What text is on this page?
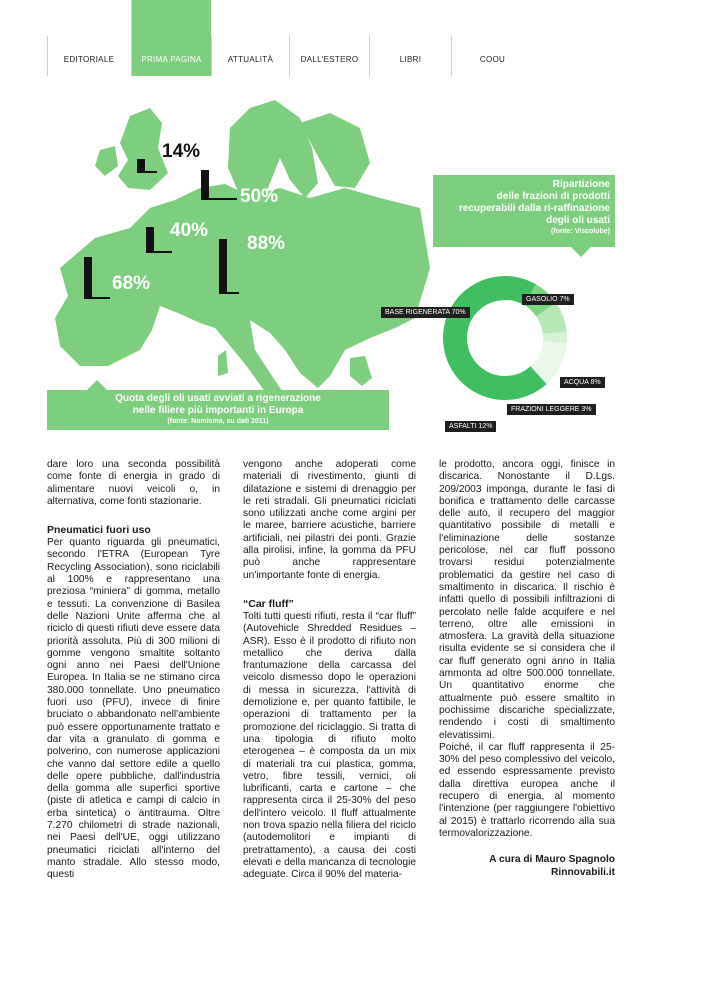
EDITORIALE	PRIMA PAGINA	ATTUALITÀ	DALL'ESTERO	LIBRI	COOU
14%
50%
40%
88%
68%
Quota degli oli usati avviati a rigenerazione
nelle filiere più importanti in Europa
(fonte: Nomisma, su dati 2011)
Ripartizione
delle frazioni di prodotti
recuperabili dalla ri-raffinazione
degli oli usati
(fonte: Viscolube)
BASE RIGENERATA 70%
GASOLIO 7%
ACQUA 8%
FRAZIONI LEGGERE 3%
ASFALTI 12%

dare loro una seconda possibilità come fonte di energia in grado di alimentare nuovi veicoli o, in alternativa, come fonti stazionarie.

Pneumatici fuori uso

Per quanto riguarda gli pneumatici, secondo l'ETRA (European Tyre Recycling Association), sono riciclabili al 100% e rappresentano una preziosa “miniera” di gomma, metallo e tessuti. La convenzione di Basilea delle Nazioni Unite afferma che al riciclo di questi rifiuti deve essere data priorità assoluta. Più di 300 milioni di gomme vengono smaltite soltanto ogni anno nei Paesi dell'Unione Europea. In Italia se ne stimano circa 380.000 tonnellate. Uno pneumatico fuori uso (PFU), invece di finire bruciato o abbandonato nell'ambiente può essere opportunamente trattato e dar vita a granulato di gomma e polverino, con numerose applicazioni che vanno dal settore edile a quello delle opere pubbliche, dall'industria della gomma alle superfici sportive (piste di atletica e campi di calcio in erba sintetica) o antitrauma. Oltre 7.270 chilometri di strade nazionali, nei Paesi dell'UE, oggi utilizzano pneumatici riciclati all'interno del manto stradale. Allo stesso modo, questi

vengono anche adoperati come materiali di rivestimento, giunti di dilatazione e sistemi di drenaggio per le reti stradali. Gli pneumatici riciclati sono utilizzati anche come argini per le maree, barriere acustiche, barriere artificiali, nei pilastri dei ponti. Grazie alla pirolisi, infine, la gomma da PFU può anche rappresentare un'importante fonte di energia.

“Car fluff”

Tolti tutti questi rifiuti, resta il “car fluff” (Autovehicle Shredded Residues – ASR). Esso è il prodotto di rifiuto non metallico che deriva dalla frantumazione della carcassa del veicolo dismesso dopo le operazioni di messa in sicurezza, l'attività di demolizione e, per quanto fattibile, le operazioni di trattamento per la promozione del riciclaggio. Si tratta di una tipologia di rifiuto molto eterogenea – è composta da un mix di materiali tra cui plastica, gomma, vetro, fibre tessili, vernici, oli lubrificanti, carta e cartone – che rappresenta circa il 25-30% del peso dell'intero veicolo. Il fluff attualmente non trova spazio nella filiera del riciclo (autodemolitori e impianti di pretrattamento), a causa dei costi elevati e della mancanza di tecnologie adeguate. Circa il 90% del materia-

le prodotto, ancora oggi, finisce in discarica. Nonostante il D.Lgs. 209/2003 imponga, durante le fasi di bonifica e trattamento delle carcasse delle auto, il recupero del maggior quantitativo possibile di metalli e l'eliminazione delle sostanze pericolose, nel car fluff possono trovarsi residui potenzialmente problematici da gestire nel caso di smaltimento in discarica. Il rischio è infatti quello di possibili infiltrazioni di percolato nelle falde acquifere e nel terreno, oltre alle emissioni in atmosfera. La gravità della situazione risulta evidente se si considera che il car fluff generato ogni anno in Italia ammonta ad oltre 500.000 tonnellate. Un quantitativo enorme che attualmente può essere smaltito in pochissime discariche specializzate, rendendo i costi di smaltimento elevatissimi.

Poiché, il car fluff rappresenta il 25-30% del peso complessivo del veicolo, ed essendo espressamente previsto dalla direttiva europea anche il recupero di energia, al momento l'intenzione (per raggiungere l'obiettivo al 2015) è trattarlo ricorrendo alla sua termovalorizzazione.

A cura di Mauro Spagnolo
Rinnovabili.it
